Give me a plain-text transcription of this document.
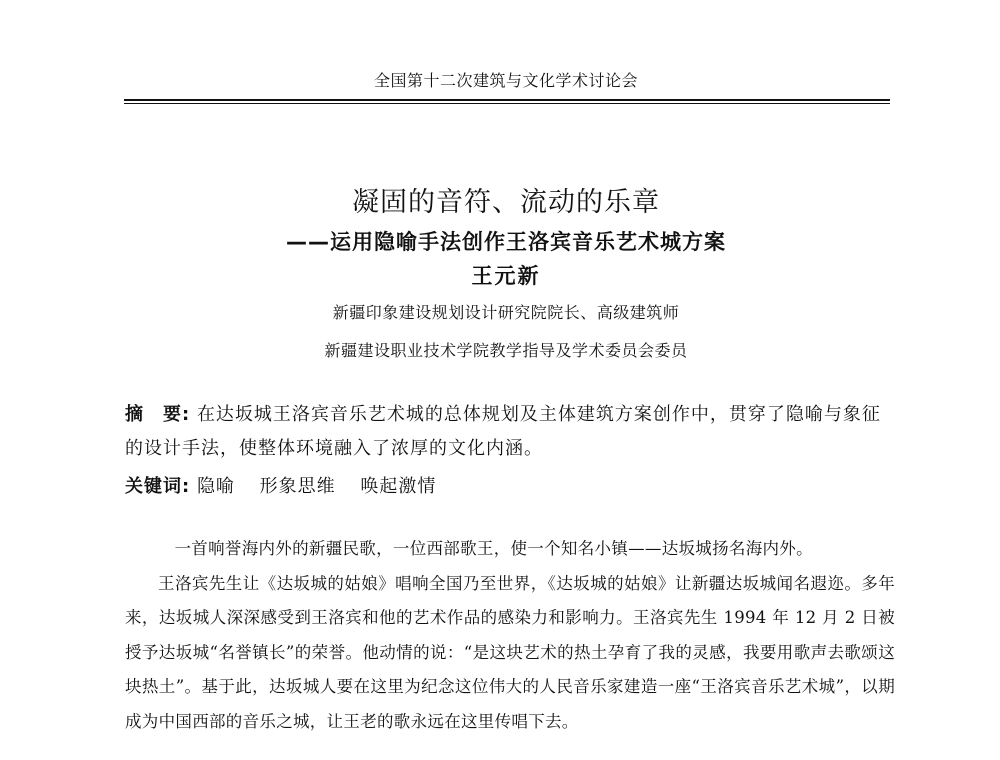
全国第十二次建筑与文化学术讨论会
凝固的音符、流动的乐章
——运用隐喻手法创作王洛宾音乐艺术城方案
王元新
新疆印象建设规划设计研究院院长、高级建筑师
新疆建设职业技术学院教学指导及学术委员会委员
摘　要: 在达坂城王洛宾音乐艺术城的总体规划及主体建筑方案创作中，贯穿了隐喻与象征的设计手法，使整体环境融入了浓厚的文化内涵。
关键词: 隐喻 形象思维 唤起激情

一首响誉海内外的新疆民歌，一位西部歌王，使一个知名小镇——达坂城扬名海内外。

王洛宾先生让《达坂城的姑娘》唱响全国乃至世界，《达坂城的姑娘》让新疆达坂城闻名遐迩。多年来，达坂城人深深感受到王洛宾和他的艺术作品的感染力和影响力。王洛宾先生 1994 年 12 月 2 日被授予达坂城“名誉镇长”的荣誉。他动情的说：“是这块艺术的热土孕育了我的灵感，我要用歌声去歌颂这块热土”。基于此，达坂城人要在这里为纪念这位伟大的人民音乐家建造一座“王洛宾音乐艺术城”，以期成为中国西部的音乐之城，让王老的歌永远在这里传唱下去。
